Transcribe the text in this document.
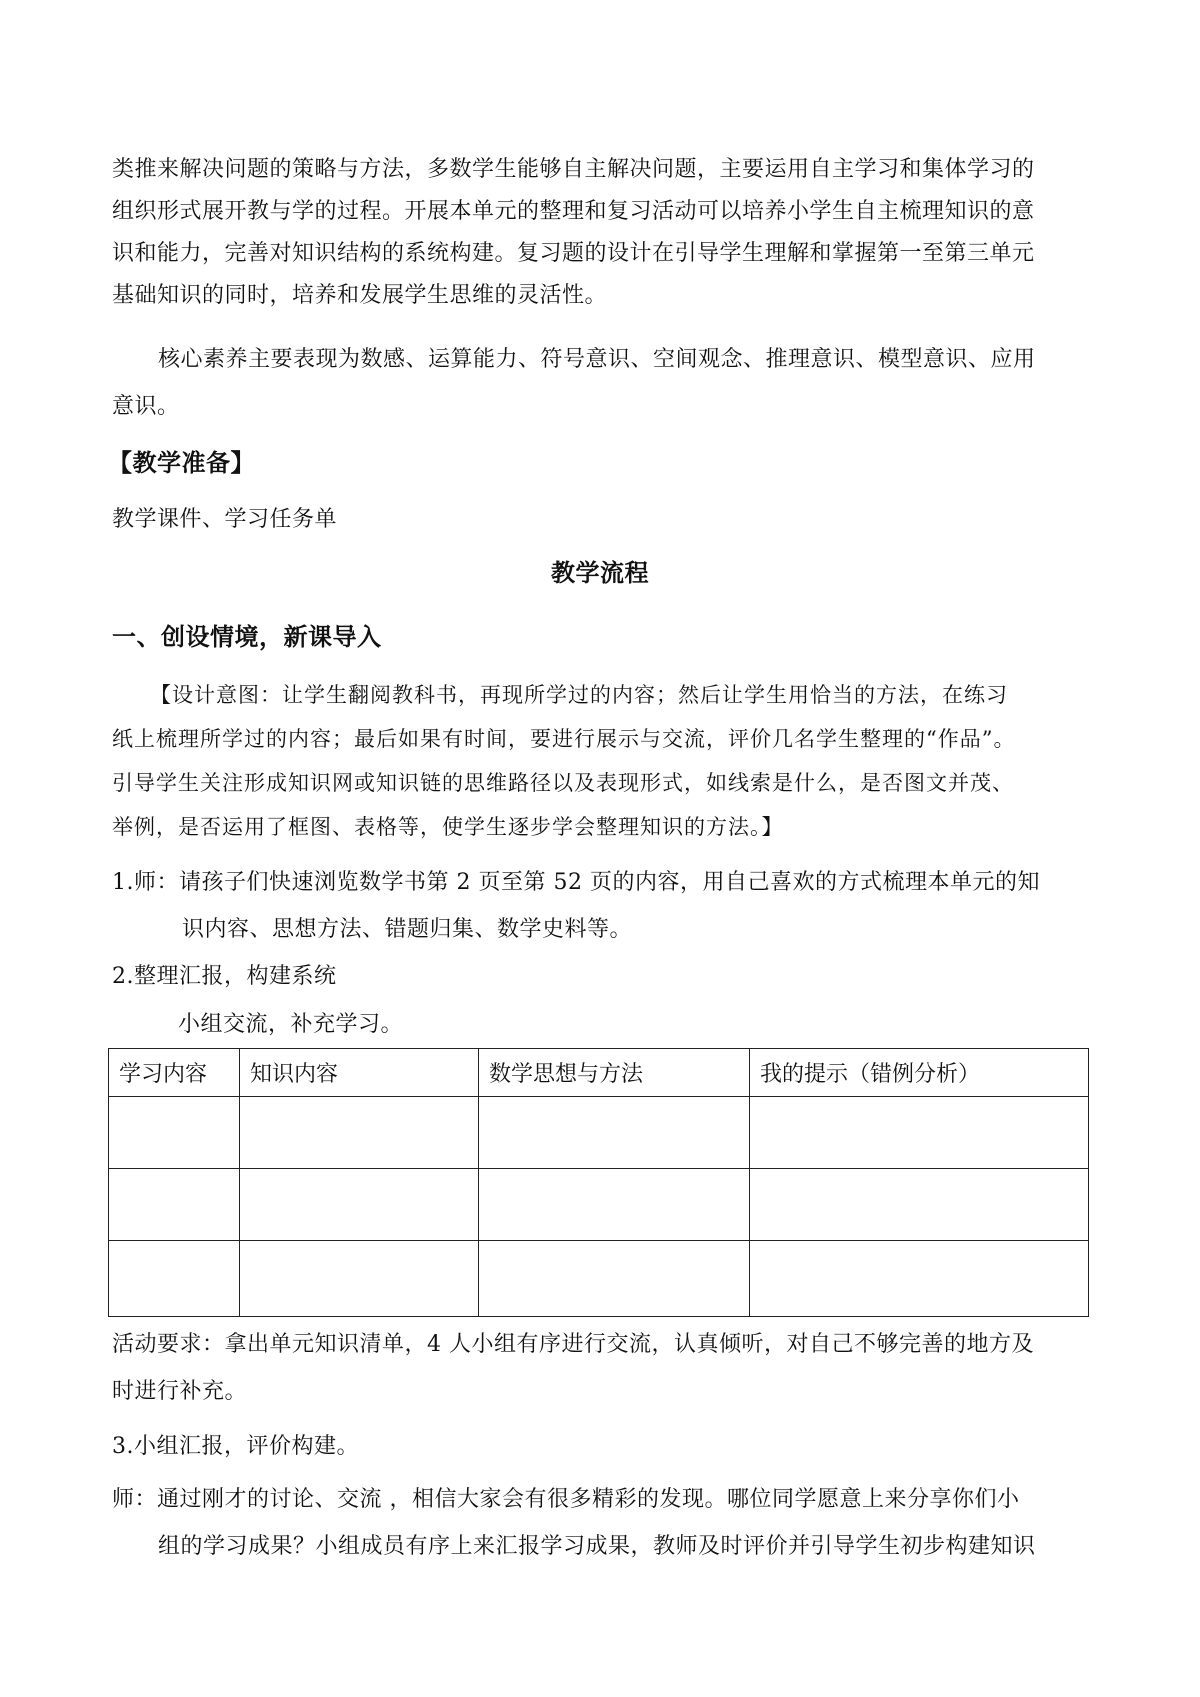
类推来解决问题的策略与方法，多数学生能够自主解决问题，主要运用自主学习和集体学习的
组织形式展开教与学的过程。开展本单元的整理和复习活动可以培养小学生自主梳理知识的意
识和能力，完善对知识结构的系统构建。复习题的设计在引导学生理解和掌握第一至第三单元
基础知识的同时，培养和发展学生思维的灵活性。
核心素养主要表现为数感、运算能力、符号意识、空间观念、推理意识、模型意识、应用
意识。
【教学准备】
教学课件、学习任务单
教学流程
一、创设情境，新课导入
【设计意图：让学生翻阅教科书，再现所学过的内容；然后让学生用恰当的方法，在练习
纸上梳理所学过的内容；最后如果有时间，要进行展示与交流，评价几名学生整理的“作品”。
引导学生关注形成知识网或知识链的思维路径以及表现形式，如线索是什么，是否图文并茂、
举例，是否运用了框图、表格等，使学生逐步学会整理知识的方法。】
1.师：请孩子们快速浏览数学书第 2 页至第 52 页的内容，用自己喜欢的方式梳理本单元的知
识内容、思想方法、错题归集、数学史料等。
2.整理汇报，构建系统
小组交流，补充学习。
学习内容	知识内容	数学思想与方法	我的提示（错例分析）

活动要求：拿出单元知识清单，4 人小组有序进行交流，认真倾听，对自己不够完善的地方及
时进行补充。
3.小组汇报，评价构建。
师：通过刚才的讨论、交流 ，相信大家会有很多精彩的发现。哪位同学愿意上来分享你们小
组的学习成果？小组成员有序上来汇报学习成果，教师及时评价并引导学生初步构建知识
